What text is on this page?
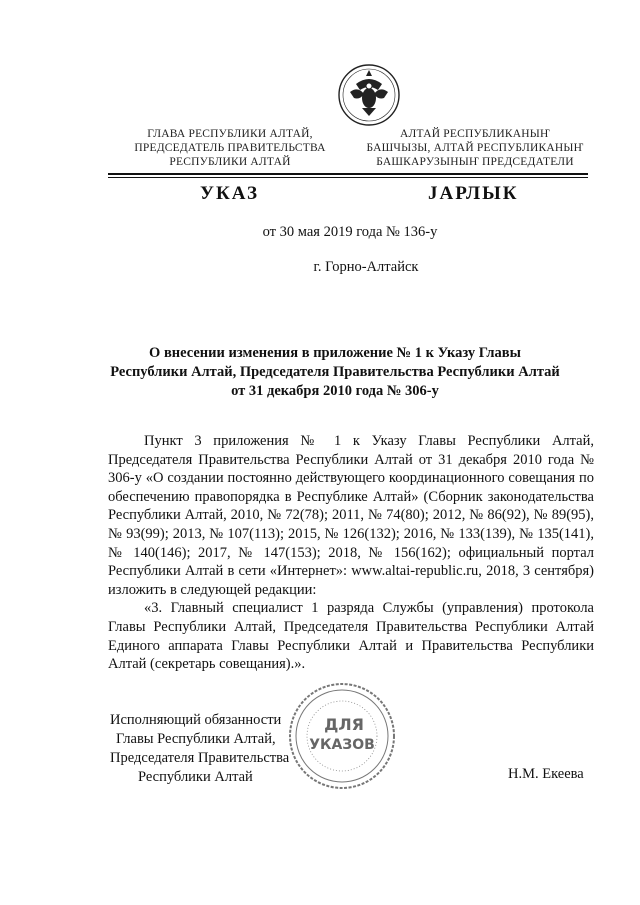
ГЛАВА РЕСПУБЛИКИ АЛТАЙ,
ПРЕДСЕДАТЕЛЬ ПРАВИТЕЛЬСТВА
РЕСПУБЛИКИ АЛТАЙ
АЛТАЙ РЕСПУБЛИКАНЫҤ
БАШЧЫЗЫ, АЛТАЙ РЕСПУБЛИКАНЫҤ
БАШКАРУЗЫНЫҤ ПРЕДСЕДАТЕЛИ
УКАЗ	JАРЛЫК
от 30 мая 2019 года № 136-у
г. Горно-Алтайск
О внесении изменения в приложение № 1 к Указу Главы
Республики Алтай, Председателя Правительства Республики Алтай
от 31 декабря 2010 года № 306-у

Пункт 3 приложения № 1 к Указу Главы Республики Алтай, Председателя Правительства Республики Алтай от 31 декабря 2010 года № 306-у «О создании постоянно действующего координационного совещания по обеспечению правопорядка в Республике Алтай» (Сборник законодательства Республики Алтай, 2010, № 72(78); 2011, № 74(80); 2012, № 86(92), № 89(95), № 93(99); 2013, № 107(113); 2015, № 126(132); 2016, № 133(139), № 135(141), № 140(146); 2017, № 147(153); 2018, № 156(162); официальный портал Республики Алтай в сети «Интернет»: www.altai-republic.ru, 2018, 3 сентября) изложить в следующей редакции:

«3. Главный специалист 1 разряда Службы (управления) протокола Главы Республики Алтай, Председателя Правительства Республики Алтай Единого аппарата Главы Республики Алтай и Правительства Республики Алтай (секретарь совещания).».

Исполняющий обязанности
Главы Республики Алтай,
Председателя Правительства
Республики Алтай
ДЛЯ
УКАЗОВ
Н.М. Екеева
